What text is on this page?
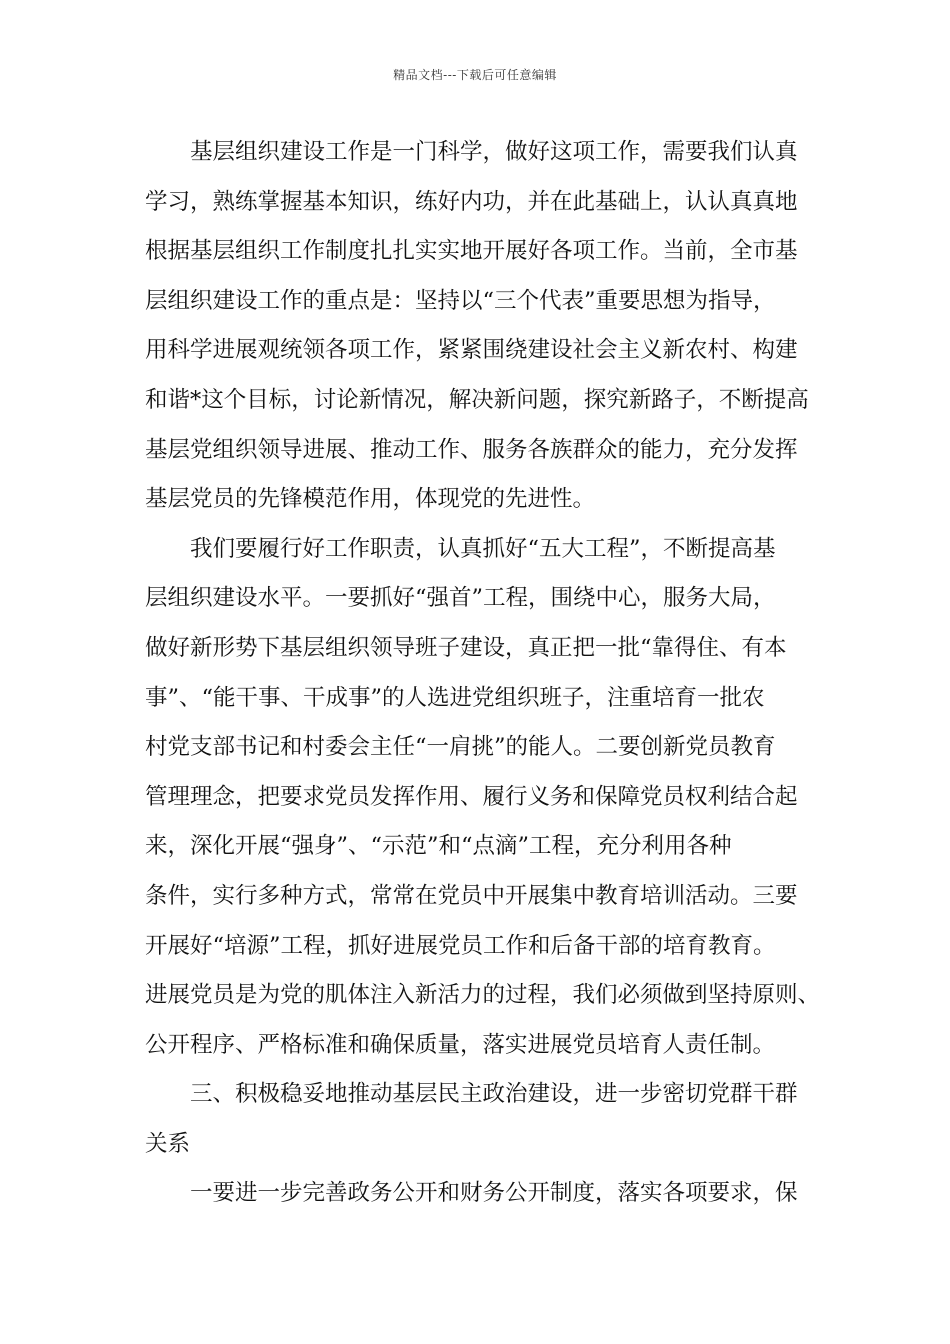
精品文档---下载后可任意编辑
基层组织建设工作是一门科学，做好这项工作，需要我们认真
学习，熟练掌握基本知识，练好内功，并在此基础上，认认真真地
根据基层组织工作制度扎扎实实地开展好各项工作。当前，全市基
层组织建设工作的重点是：坚持以“三个代表”重要思想为指导，
用科学进展观统领各项工作，紧紧围绕建设社会主义新农村、构建
和谐*这个目标，讨论新情况，解决新问题，探究新路子，不断提高
基层党组织领导进展、推动工作、服务各族群众的能力，充分发挥
基层党员的先锋模范作用，体现党的先进性。
我们要履行好工作职责，认真抓好“五大工程”，不断提高基
层组织建设水平。一要抓好“强首”工程，围绕中心，服务大局，
做好新形势下基层组织领导班子建设，真正把一批“靠得住、有本
事”、“能干事、干成事”的人选进党组织班子，注重培育一批农
村党支部书记和村委会主任“一肩挑”的能人。二要创新党员教育
管理理念，把要求党员发挥作用、履行义务和保障党员权利结合起
来，深化开展“强身”、“示范”和“点滴”工程，充分利用各种
条件，实行多种方式，常常在党员中开展集中教育培训活动。三要
开展好“培源”工程，抓好进展党员工作和后备干部的培育教育。
进展党员是为党的肌体注入新活力的过程，我们必须做到坚持原则、
公开程序、严格标准和确保质量，落实进展党员培育人责任制。
三、积极稳妥地推动基层民主政治建设，进一步密切党群干群
关系
一要进一步完善政务公开和财务公开制度，落实各项要求，保
